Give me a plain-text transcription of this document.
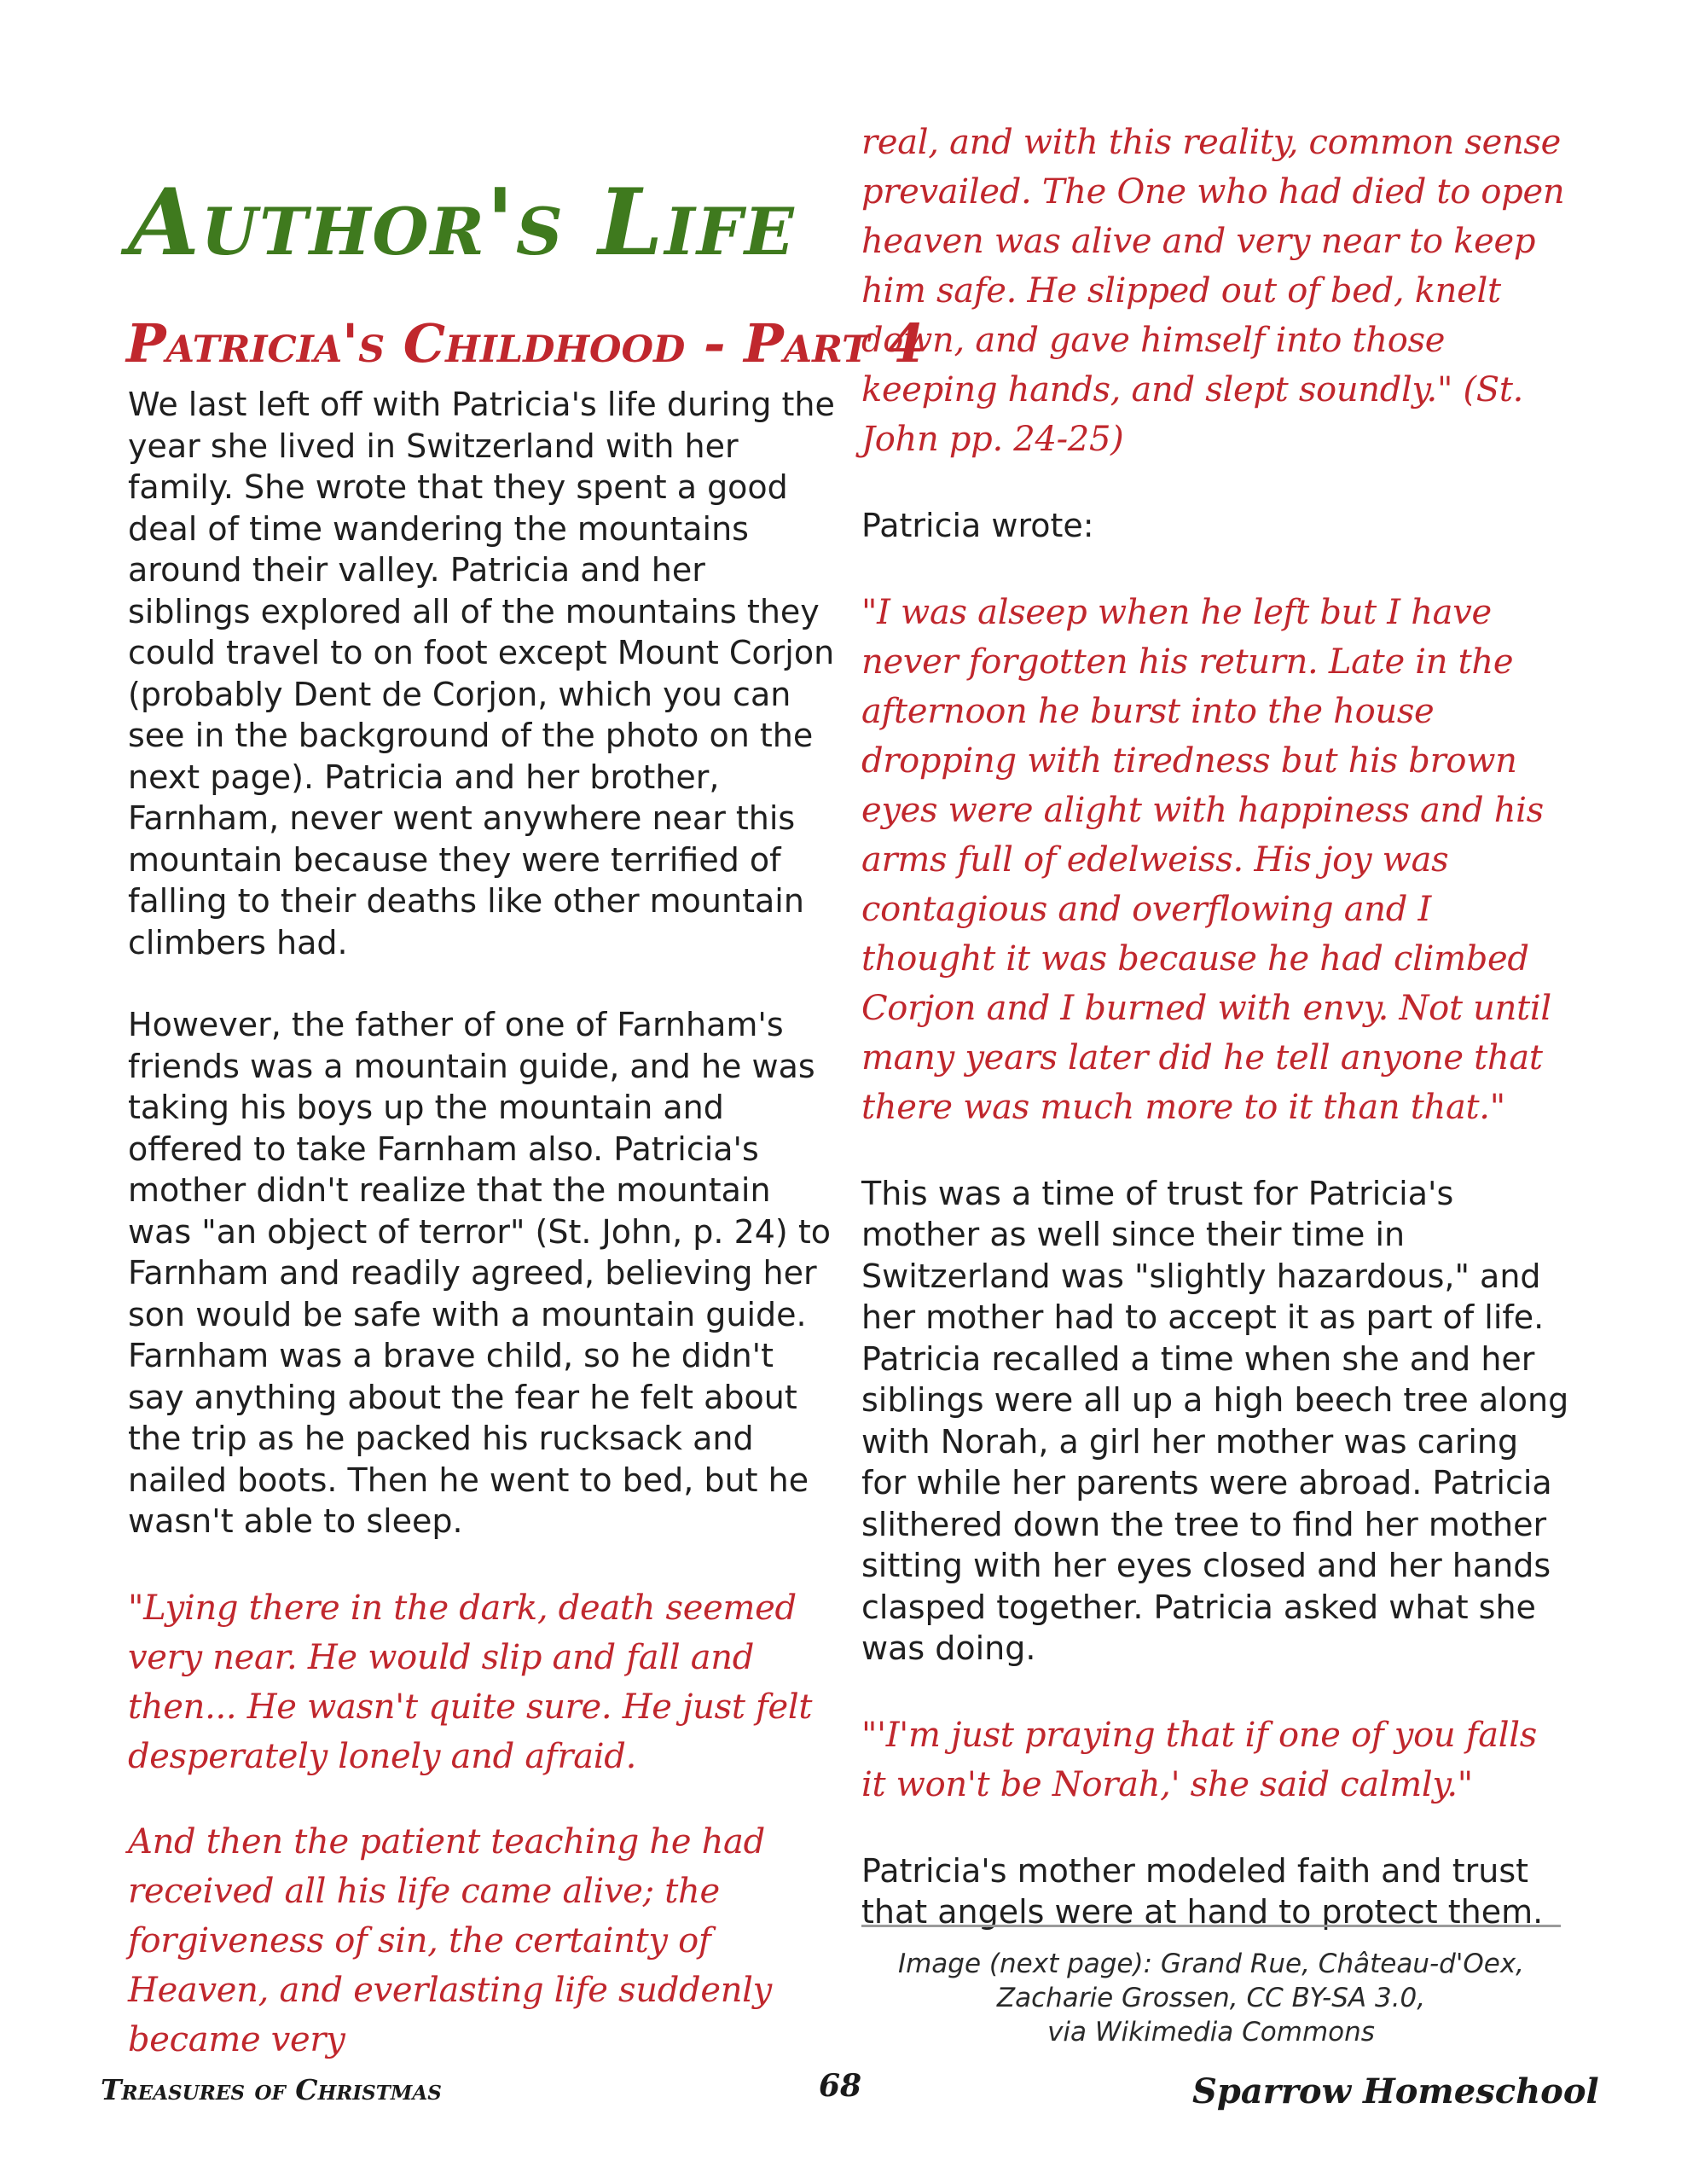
Author's Life
Patricia's Childhood - Part 4

We last left off with Patricia's life during the year she lived in Switzerland with her family. She wrote that they spent a good deal of time wandering the mountains around their valley. Patricia and her siblings explored all of the mountains they could travel to on foot except Mount Corjon (probably Dent de Corjon, which you can see in the background of the photo on the next page). Patricia and her brother, Farnham, never went anywhere near this mountain because they were terrified of falling to their deaths like other mountain climbers had.

However, the father of one of Farnham's friends was a mountain guide, and he was taking his boys up the mountain and offered to take Farnham also. Patricia's mother didn't realize that the mountain was "an object of terror" (St. John, p. 24) to Farnham and readily agreed, believing her son would be safe with a mountain guide. Farnham was a brave child, so he didn't say anything about the fear he felt about the trip as he packed his rucksack and nailed boots. Then he went to bed, but he wasn't able to sleep.

"Lying there in the dark, death seemed very near. He would slip and fall and then... He wasn't quite sure. He just felt desperately lonely and afraid.

And then the patient teaching he had received all his life came alive; the forgiveness of sin, the certainty of Heaven, and everlasting life suddenly became very

real, and with this reality, common sense prevailed. The One who had died to open heaven was alive and very near to keep him safe. He slipped out of bed, knelt down, and gave himself into those keeping hands, and slept soundly." (St. John pp. 24-25)

Patricia wrote:

"I was alseep when he left but I have never forgotten his return. Late in the afternoon he burst into the house dropping with tiredness but his brown eyes were alight with happiness and his arms full of edelweiss. His joy was contagious and overflowing and I thought it was because he had climbed Corjon and I burned with envy. Not until many years later did he tell anyone that there was much more to it than that."

This was a time of trust for Patricia's mother as well since their time in Switzerland was "slightly hazardous," and her mother had to accept it as part of life. Patricia recalled a time when she and her siblings were all up a high beech tree along with Norah, a girl her mother was caring for while her parents were abroad. Patricia slithered down the tree to find her mother sitting with her eyes closed and her hands clasped together. Patricia asked what she was doing.

"'I'm just praying that if one of you falls it won't be Norah,' she said calmly."

Patricia's mother modeled faith and trust that angels were at hand to protect them.

Image (next page): Grand Rue, Château-d'Oex,
Zacharie Grossen, CC BY-SA 3.0,
via Wikimedia Commons
Treasures of Christmas	68	Sparrow Homeschool
